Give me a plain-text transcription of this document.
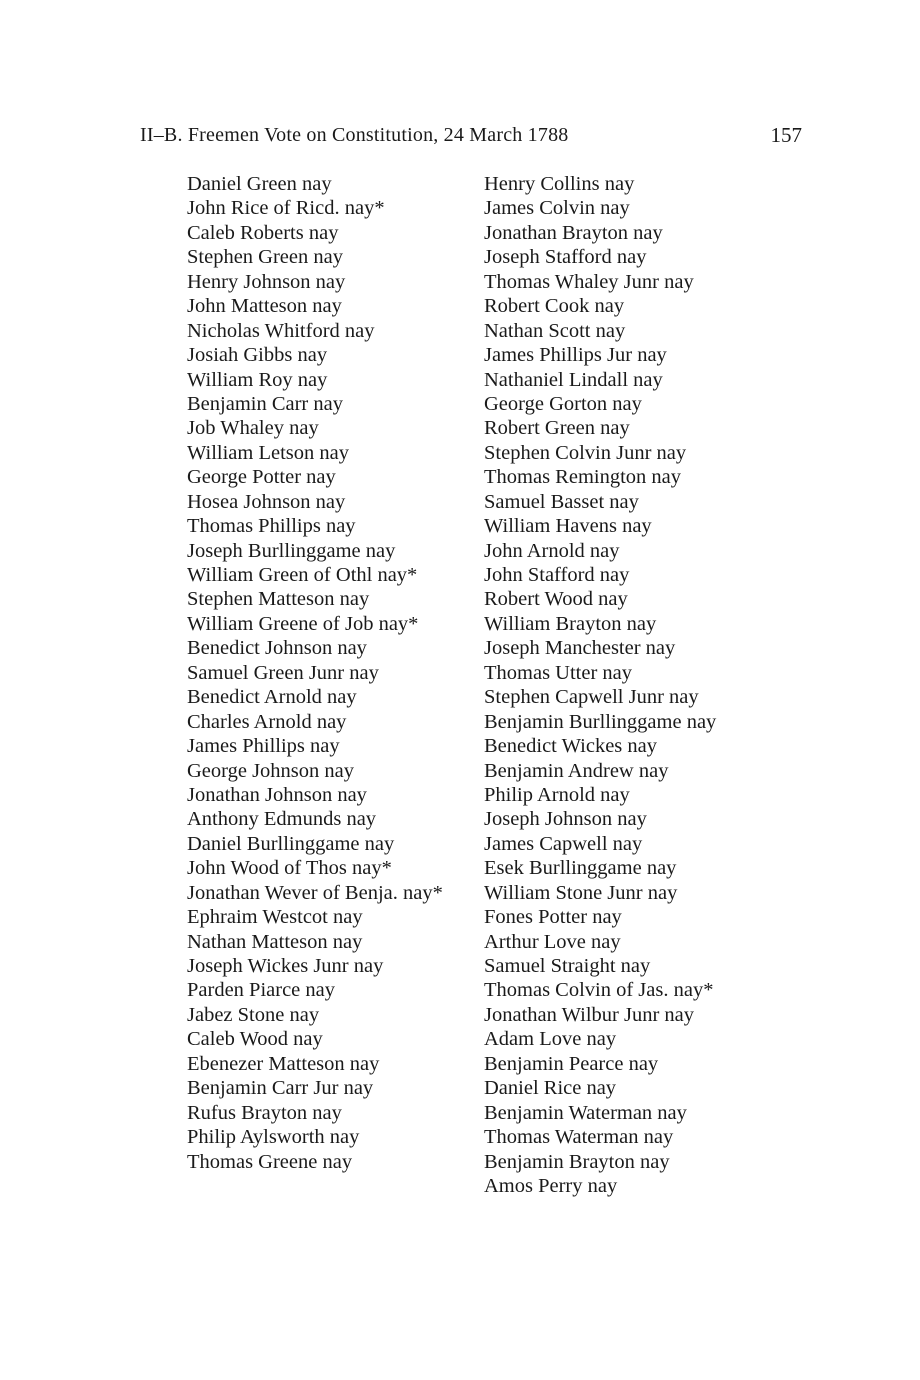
II–B. Freemen Vote on Constitution, 24 March 1788	157
Daniel Green nay
John Rice of Ricd. nay*
Caleb Roberts nay
Stephen Green nay
Henry Johnson nay
John Matteson nay
Nicholas Whitford nay
Josiah Gibbs nay
William Roy nay
Benjamin Carr nay
Job Whaley nay
William Letson nay
George Potter nay
Hosea Johnson nay
Thomas Phillips nay
Joseph Burllinggame nay
William Green of Othl nay*
Stephen Matteson nay
William Greene of Job nay*
Benedict Johnson nay
Samuel Green Junr nay
Benedict Arnold nay
Charles Arnold nay
James Phillips nay
George Johnson nay
Jonathan Johnson nay
Anthony Edmunds nay
Daniel Burllinggame nay
John Wood of Thos nay*
Jonathan Wever of Benja. nay*
Ephraim Westcot nay
Nathan Matteson nay
Joseph Wickes Junr nay
Parden Piarce nay
Jabez Stone nay
Caleb Wood nay
Ebenezer Matteson nay
Benjamin Carr Jur nay
Rufus Brayton nay
Philip Aylsworth nay
Thomas Greene nay
Henry Collins nay
James Colvin nay
Jonathan Brayton nay
Joseph Stafford nay
Thomas Whaley Junr nay
Robert Cook nay
Nathan Scott nay
James Phillips Jur nay
Nathaniel Lindall nay
George Gorton nay
Robert Green nay
Stephen Colvin Junr nay
Thomas Remington nay
Samuel Basset nay
William Havens nay
John Arnold nay
John Stafford nay
Robert Wood nay
William Brayton nay
Joseph Manchester nay
Thomas Utter nay
Stephen Capwell Junr nay
Benjamin Burllinggame nay
Benedict Wickes nay
Benjamin Andrew nay
Philip Arnold nay
Joseph Johnson nay
James Capwell nay
Esek Burllinggame nay
William Stone Junr nay
Fones Potter nay
Arthur Love nay
Samuel Straight nay
Thomas Colvin of Jas. nay*
Jonathan Wilbur Junr nay
Adam Love nay
Benjamin Pearce nay
Daniel Rice nay
Benjamin Waterman nay
Thomas Waterman nay
Benjamin Brayton nay
Amos Perry nay
